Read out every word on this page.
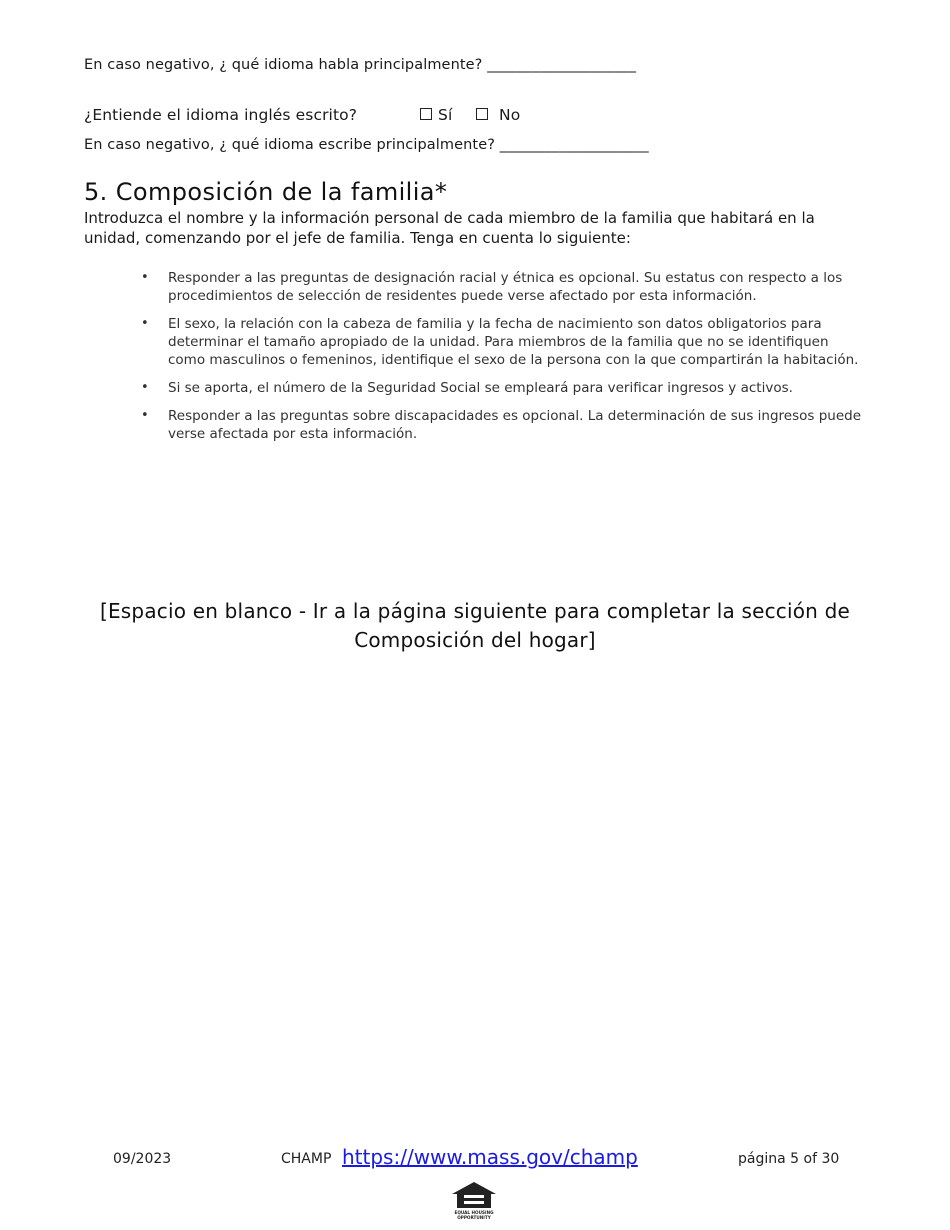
En caso negativo, ¿ qué idioma habla principalmente? ____________________
¿Entiende el idioma inglés escrito?	Sí	No
En caso negativo, ¿ qué idioma escribe principalmente? ____________________
5. Composición de la familia*
Introduzca el nombre y la información personal de cada miembro de la familia que habitará en la unidad, comenzando por el jefe de familia. Tenga en cuenta lo siguiente:
• Responder a las preguntas de designación racial y étnica es opcional. Su estatus con respecto a los procedimientos de selección de residentes puede verse afectado por esta información.
• El sexo, la relación con la cabeza de familia y la fecha de nacimiento son datos obligatorios para determinar el tamaño apropiado de la unidad. Para miembros de la familia que no se identifiquen como masculinos o femeninos, identifique el sexo de la persona con la que compartirán la habitación.
• Si se aporta, el número de la Seguridad Social se empleará para verificar ingresos y activos.
• Responder a las preguntas sobre discapacidades es opcional. La determinación de sus ingresos puede verse afectada por esta información.
[Espacio en blanco - Ir a la página siguiente para completar la sección de Composición del hogar]
09/2023	CHAMP https://www.mass.gov/champ	página 5 of 30
EQUAL HOUSING
OPPORTUNITY
